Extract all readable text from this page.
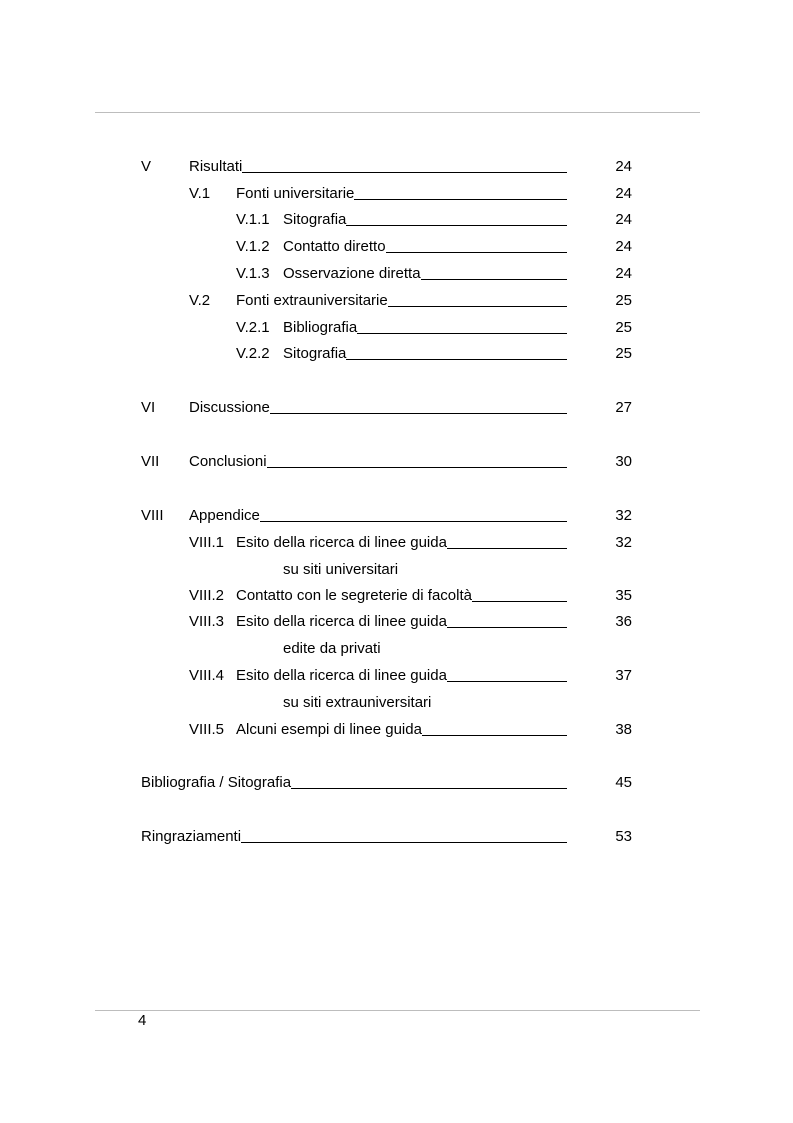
V	Risultati	24
V.1 Fonti universitarie	24
V.1.1 Sitografia	24
V.1.2 Contatto diretto	24
V.1.3 Osservazione diretta	24
V.2 Fonti extrauniversitarie	25
V.2.1 Bibliografia	25
V.2.2 Sitografia	25
VI Discussione	27
VII Conclusioni	30
VIII Appendice	32
VIII.1 Esito della ricerca di linee guida	32
su siti universitari
VIII.2 Contatto con le segreterie di facoltà	35
VIII.3 Esito della ricerca di linee guida	36
edite da privati
VIII.4 Esito della ricerca di linee guida	37
su siti extrauniversitari
VIII.5 Alcuni esempi di linee guida	38
Bibliografia / Sitografia	45
Ringraziamenti	53
4
